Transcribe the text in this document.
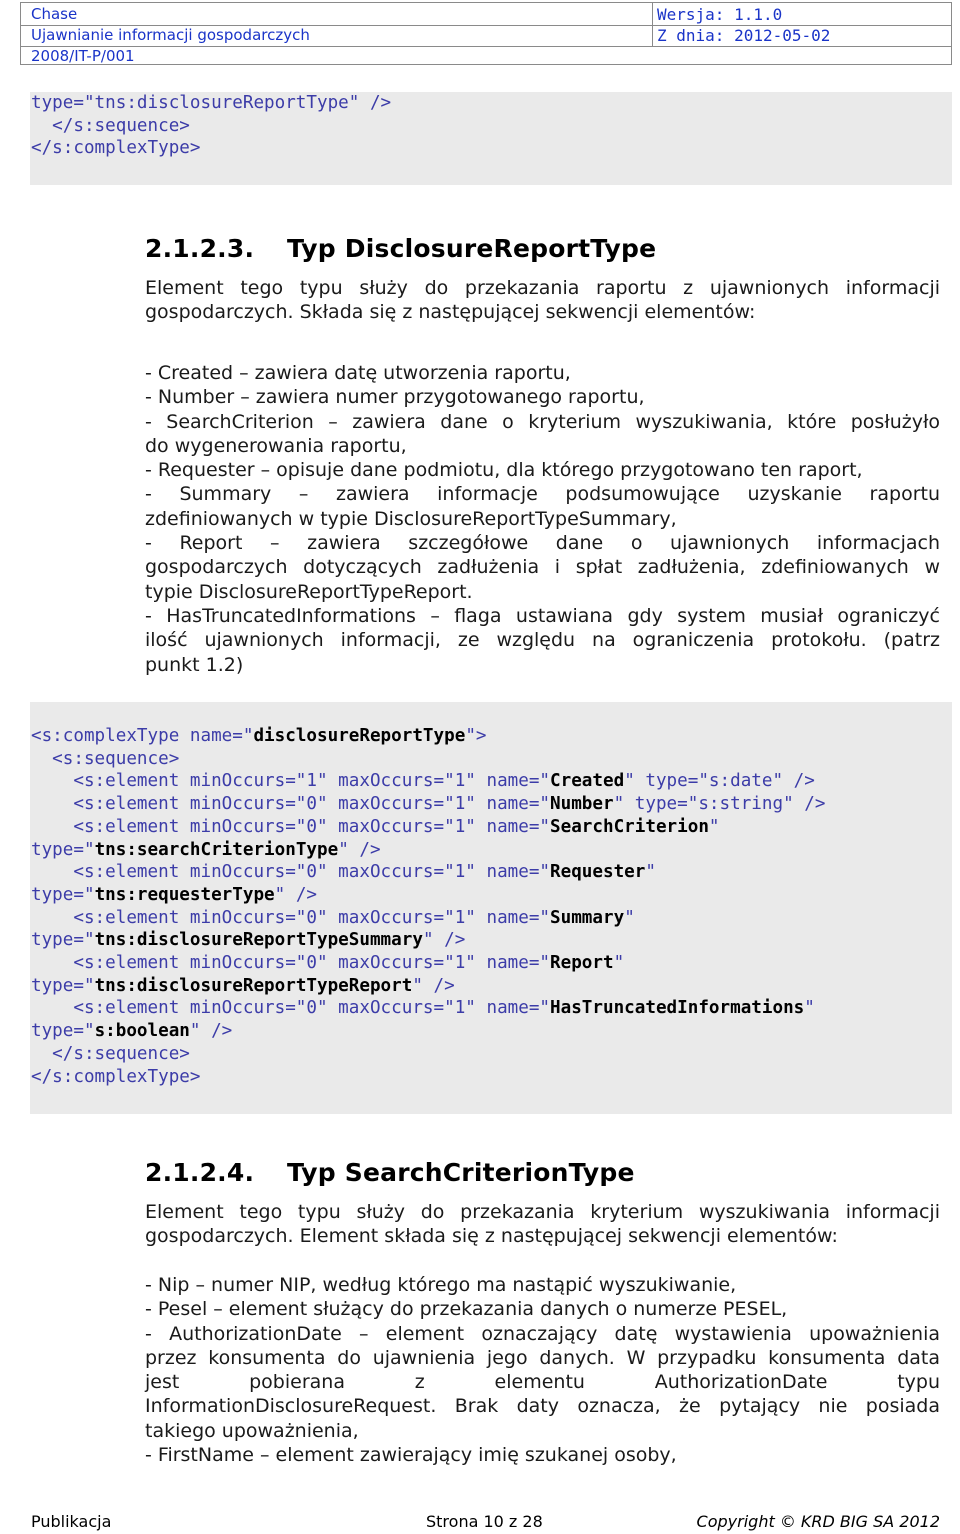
Chase
Ujawnianie informacji gospodarczych
2008/IT-P/001
Wersja: 1.1.0
Z dnia: 2012-05-02
type="tns:disclosureReportType" />
</s:sequence>
</s:complexType>
2.1.2.3. Typ DisclosureReportType

Element tego typu służy do przekazania raportu z ujawnionych informacji

gospodarczych. Składa się z następującej sekwencji elementów:

- Created – zawiera datę utworzenia raportu,

- Number – zawiera numer przygotowanego raportu,

- SearchCriterion – zawiera dane o kryterium wyszukiwania, które posłużyło

do wygenerowania raportu,

- Requester – opisuje dane podmiotu, dla którego przygotowano ten raport,

- Summary – zawiera informacje podsumowujące uzyskanie raportu

zdefiniowanych w typie DisclosureReportTypeSummary,

- Report – zawiera szczegółowe dane o ujawnionych informacjach

gospodarczych dotyczących zadłużenia i spłat zadłużenia, zdefiniowanych w

typie DisclosureReportTypeReport.

- HasTruncatedInformations – flaga ustawiana gdy system musiał ograniczyć

ilość ujawnionych informacji, ze względu na ograniczenia protokołu. (patrz

punkt 1.2)

<s:complexType name="disclosureReportType">
<s:sequence>
<s:element minOccurs="1" maxOccurs="1" name="Created" type="s:date" />
<s:element minOccurs="0" maxOccurs="1" name="Number" type="s:string" />
<s:element minOccurs="0" maxOccurs="1" name="SearchCriterion"
type="tns:searchCriterionType" />
<s:element minOccurs="0" maxOccurs="1" name="Requester"
type="tns:requesterType" />
<s:element minOccurs="0" maxOccurs="1" name="Summary"
type="tns:disclosureReportTypeSummary" />
<s:element minOccurs="0" maxOccurs="1" name="Report"
type="tns:disclosureReportTypeReport" />
<s:element minOccurs="0" maxOccurs="1" name="HasTruncatedInformations"
type="s:boolean" />
</s:sequence>
</s:complexType>
2.1.2.4. Typ SearchCriterionType

Element tego typu służy do przekazania kryterium wyszukiwania informacji

gospodarczych. Element składa się z następującej sekwencji elementów:

- Nip – numer NIP, według którego ma nastąpić wyszukiwanie,

- Pesel – element służący do przekazania danych o numerze PESEL,

- AuthorizationDate – element oznaczający datę wystawienia upoważnienia

przez konsumenta do ujawnienia jego danych. W przypadku konsumenta data

jest pobierana z elementu AuthorizationDate typu

InformationDisclosureRequest. Brak daty oznacza, że pytający nie posiada

takiego upoważnienia,

- FirstName – element zawierający imię szukanej osoby,

Publikacja	Strona 10 z 28	Copyright © KRD BIG SA 2012
